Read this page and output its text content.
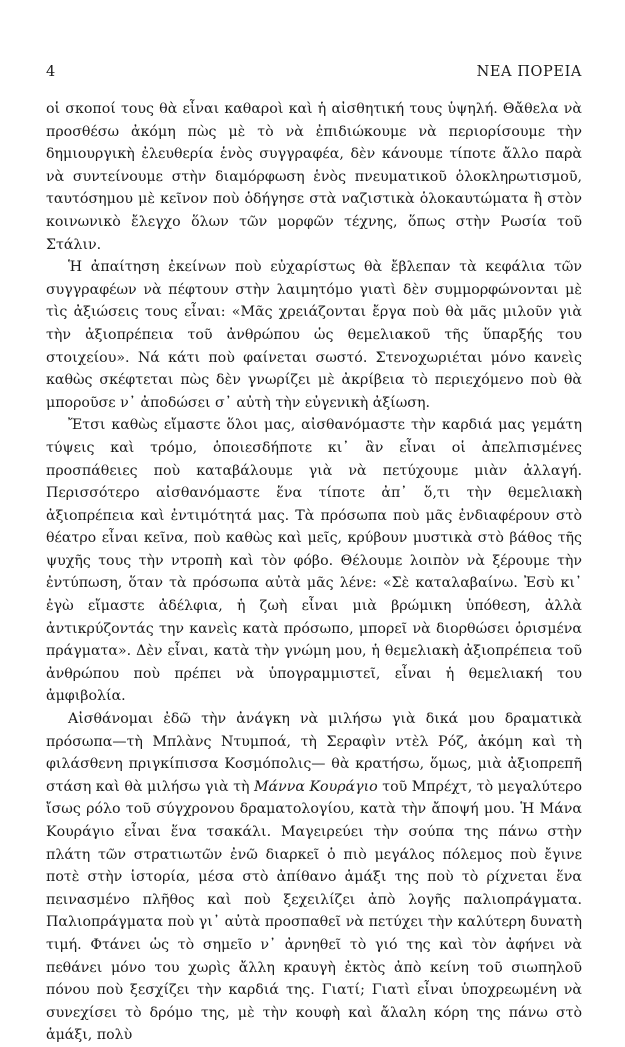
4	ΝΕΑ ΠΟΡΕΙΑ

οἱ σκοποί τους θὰ εἶναι καθαροὶ καὶ ἡ αἰσθητική τους ὑψηλή. Θἄθελα νὰ προσθέσω ἀκόμη πὼς μὲ τὸ νὰ ἐπιδιώκουμε νὰ περιορίσουμε τὴν δημιουργικὴ ἐλευθερία ἑνὸς συγγραφέα, δὲν κάνουμε τίποτε ἄλλο παρὰ νὰ συντείνουμε στὴν διαμόρφωση ἑνὸς πνευματικοῦ ὁλοκληρωτισμοῦ, ταυτόσημου μὲ κεῖνον ποὺ ὁδήγησε στὰ ναζιστικὰ ὁλοκαυτώματα ἢ στὸν κοινωνικὸ ἔλεγχο ὅλων τῶν μορφῶν τέχνης, ὅπως στὴν Ρωσία τοῦ Στάλιν.

Ἡ ἀπαίτηση ἐκείνων ποὺ εὐχαρίστως θὰ ἔβλεπαν τὰ κεφάλια τῶν συγγραφέων νὰ πέφτουν στὴν λαιμητόμο γιατὶ δὲν συμμορφώνονται μὲ τὶς ἀξιώσεις τους εἶναι: «Μᾶς χρειάζονται ἔργα ποὺ θὰ μᾶς μιλοῦν γιὰ τὴν ἀξιοπρέπεια τοῦ ἀνθρώπου ὡς θεμελιακοῦ τῆς ὕπαρξής του στοιχείου». Νά κάτι ποὺ φαίνεται σωστό. Στενοχωριέται μόνο κανεὶς καθὼς σκέφτεται πὼς δὲν γνωρίζει μὲ ἀκρίβεια τὸ περιεχόμενο ποὺ θὰ μποροῦσε ν᾽ ἀποδώσει σ᾽ αὐτὴ τὴν εὐγενικὴ ἀξίωση.

Ἔτσι καθὼς εἴμαστε ὅλοι μας, αἰσθανόμαστε τὴν καρδιά μας γεμάτη τύψεις καὶ τρόμο, ὁποιεσδήποτε κι᾽ ἂν εἶναι οἱ ἀπελπισμένες προσπάθειες ποὺ καταβάλουμε γιὰ νὰ πετύχουμε μιὰν ἀλλαγή. Περισσότερο αἰσθανόμαστε ἕνα τίποτε ἀπ᾽ ὅ,τι τὴν θεμελιακὴ ἀξιοπρέπεια καὶ ἐντιμότητά μας. Τὰ πρόσωπα ποὺ μᾶς ἐνδιαφέρουν στὸ θέατρο εἶναι κεῖνα, ποὺ καθὼς καὶ μεῖς, κρύβουν μυστικὰ στὸ βάθος τῆς ψυχῆς τους τὴν ντροπὴ καὶ τὸν φόβο. Θέλουμε λοιπὸν νὰ ξέρουμε τὴν ἐντύπωση, ὅταν τὰ πρόσωπα αὐτὰ μᾶς λένε: «Σὲ καταλαβαίνω. Ἐσὺ κι᾽ ἐγὼ εἴμαστε ἀδέλφια, ἡ ζωὴ εἶναι μιὰ βρώμικη ὑπόθεση, ἀλλὰ ἀντικρύζοντάς την κανεὶς κατὰ πρόσωπο, μπορεῖ νὰ διορθώσει ὁρισμένα πράγματα». Δὲν εἶναι, κατὰ τὴν γνώμη μου, ἡ θεμελιακὴ ἀξιοπρέπεια τοῦ ἀνθρώπου ποὺ πρέπει νὰ ὑπογραμμιστεῖ, εἶναι ἡ θεμελιακή του ἀμφιβολία.

Αἰσθάνομαι ἐδῶ τὴν ἀνάγκη νὰ μιλήσω γιὰ δικά μου δραματικὰ πρόσωπα—τὴ Μπλὰνς Ντυμποά, τὴ Σεραφὶν ντὲλ Ρόζ, ἀκόμη καὶ τὴ φιλάσθενη πριγκίπισσα Κοσμόπολις— θὰ κρατήσω, ὅμως, μιὰ ἀξιοπρεπῆ στάση καὶ θὰ μιλήσω γιὰ τὴ Μάννα Κουράγιο τοῦ Μπρέχτ, τὸ μεγαλύτερο ἴσως ρόλο τοῦ σύγχρονου δραματολογίου, κατὰ τὴν ἄποψή μου. Ἡ Μάνα Κουράγιο εἶναι ἕνα τσακάλι. Μαγειρεύει τὴν σούπα της πάνω στὴν πλάτη τῶν στρατιωτῶν ἐνῶ διαρκεῖ ὁ πιὸ μεγάλος πόλεμος ποὺ ἔγινε ποτὲ στὴν ἱστορία, μέσα στὸ ἀπίθανο ἁμάξι της ποὺ τὸ ρίχνεται ἕνα πεινασμένο πλῆθος καὶ ποὺ ξεχειλίζει ἀπὸ λογῆς παλιοπράγματα. Παλιοπράγματα ποὺ γι᾽ αὐτὰ προσπαθεῖ νὰ πετύχει τὴν καλύτερη δυνατὴ τιμή. Φτάνει ὡς τὸ σημεῖο ν᾽ ἀρνηθεῖ τὸ γιό της καὶ τὸν ἀφήνει νὰ πεθάνει μόνο του χωρὶς ἄλλη κραυγὴ ἐκτὸς ἀπὸ κείνη τοῦ σιωπηλοῦ πόνου ποὺ ξεσχίζει τὴν καρδιά της. Γιατί; Γιατὶ εἶναι ὑποχρεωμένη νὰ συνεχίσει τὸ δρόμο της, μὲ τὴν κουφὴ καὶ ἄλαλη κόρη της πάνω στὸ ἁμάξι, πολὺ
